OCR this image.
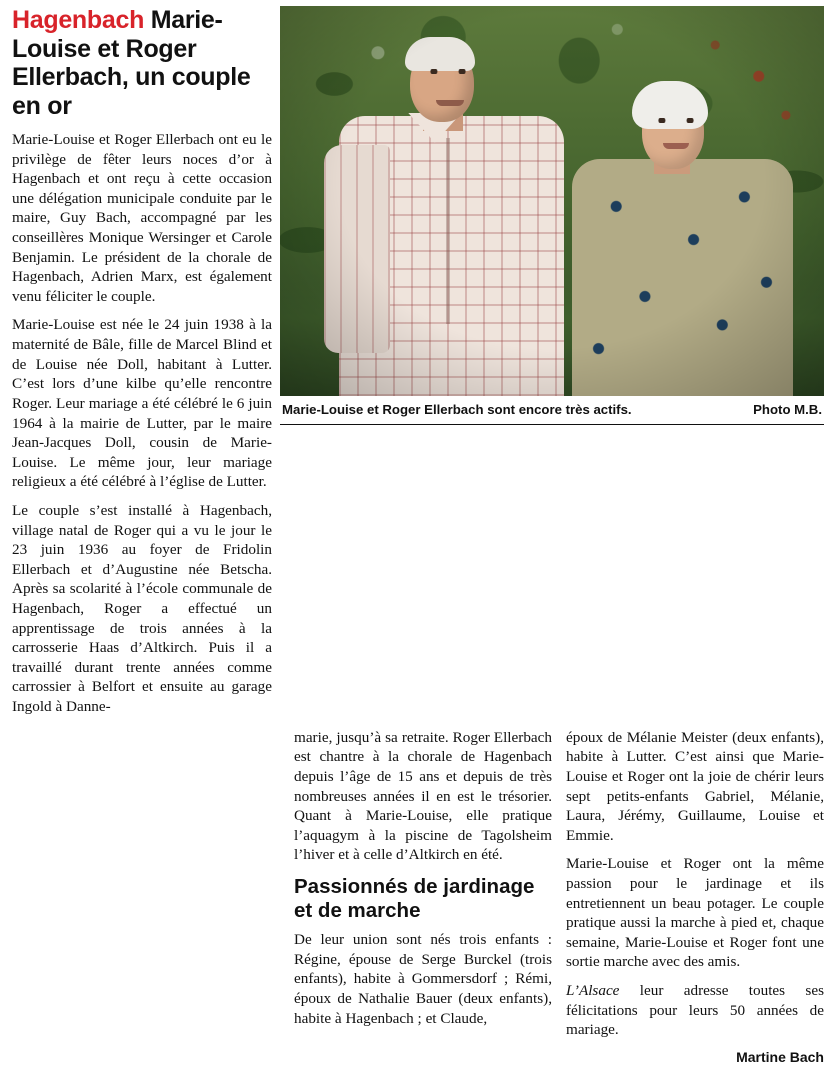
Hagenbach Marie-Louise et Roger Ellerbach, un couple en or

Marie-Louise et Roger Ellerbach ont eu le privilège de fêter leurs noces d’or à Hagenbach et ont reçu à cette occasion une délégation municipale conduite par le maire, Guy Bach, accompagné par les conseillères Monique Wersinger et Carole Benjamin. Le président de la chorale de Hagenbach, Adrien Marx, est également venu féliciter le couple.

Marie-Louise est née le 24 juin 1938 à la maternité de Bâle, fille de Marcel Blind et de Louise née Doll, habitant à Lutter. C’est lors d’une kilbe qu’elle rencontre Roger. Leur mariage a été célébré le 6 juin 1964 à la mairie de Lutter, par le maire Jean-Jacques Doll, cousin de Marie-Louise. Le même jour, leur mariage religieux a été célébré à l’église de Lutter.

Le couple s’est installé à Hagenbach, village natal de Roger qui a vu le jour le 23 juin 1936 au foyer de Fridolin Ellerbach et d’Augustine née Betscha. Après sa scolarité à l’école communale de Hagenbach, Roger a effectué un apprentissage de trois années à la carrosserie Haas d’Altkirch. Puis il a travaillé durant trente années comme carrossier à Belfort et ensuite au garage Ingold à Danne-

Marie-Louise et Roger Ellerbach sont encore très actifs.	Photo M.B.

marie, jusqu’à sa retraite. Roger Ellerbach est chantre à la chorale de Hagenbach depuis l’âge de 15 ans et depuis de très nombreuses années il en est le trésorier. Quant à Marie-Louise, elle pratique l’aquagym à la piscine de Tagolsheim l’hiver et à celle d’Altkirch en été.

Passionnés de jardinage et de marche

De leur union sont nés trois enfants : Régine, épouse de Serge Burckel (trois enfants), habite à Gommersdorf ; Rémi, époux de Nathalie Bauer (deux enfants), habite à Hagenbach ; et Claude,

époux de Mélanie Meister (deux enfants), habite à Lutter. C’est ainsi que Marie-Louise et Roger ont la joie de chérir leurs sept petits-enfants Gabriel, Mélanie, Laura, Jérémy, Guillaume, Louise et Emmie.

Marie-Louise et Roger ont la même passion pour le jardinage et ils entretiennent un beau potager. Le couple pratique aussi la marche à pied et, chaque semaine, Marie-Louise et Roger font une sortie marche avec des amis.

L’Alsace leur adresse toutes ses félicitations pour leurs 50 années de mariage.

Martine Bach
